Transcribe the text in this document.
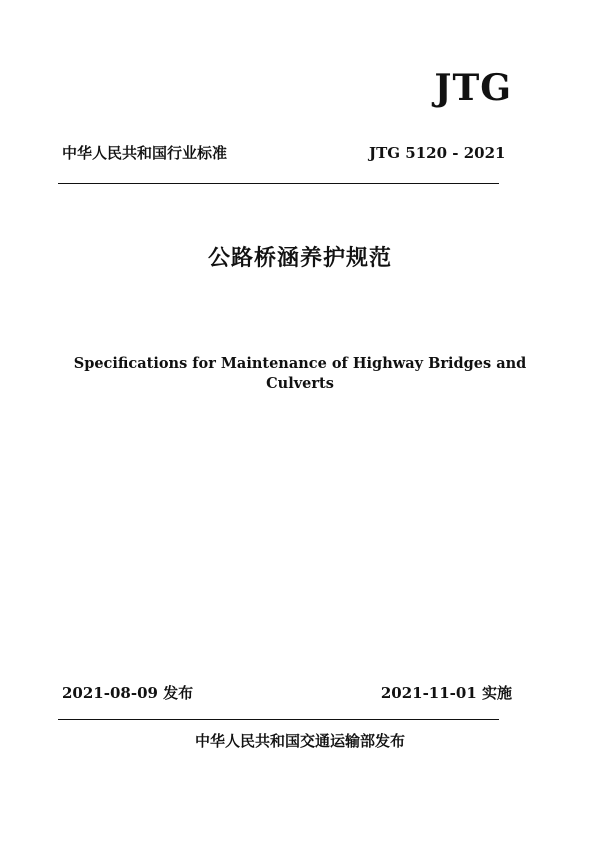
JTG
中华人民共和国行业标准	JTG 5120 - 2021
公路桥涵养护规范
Specifications for Maintenance of Highway Bridges and Culverts
2021-08-09 发布	2021-11-01 实施
中华人民共和国交通运输部发布
